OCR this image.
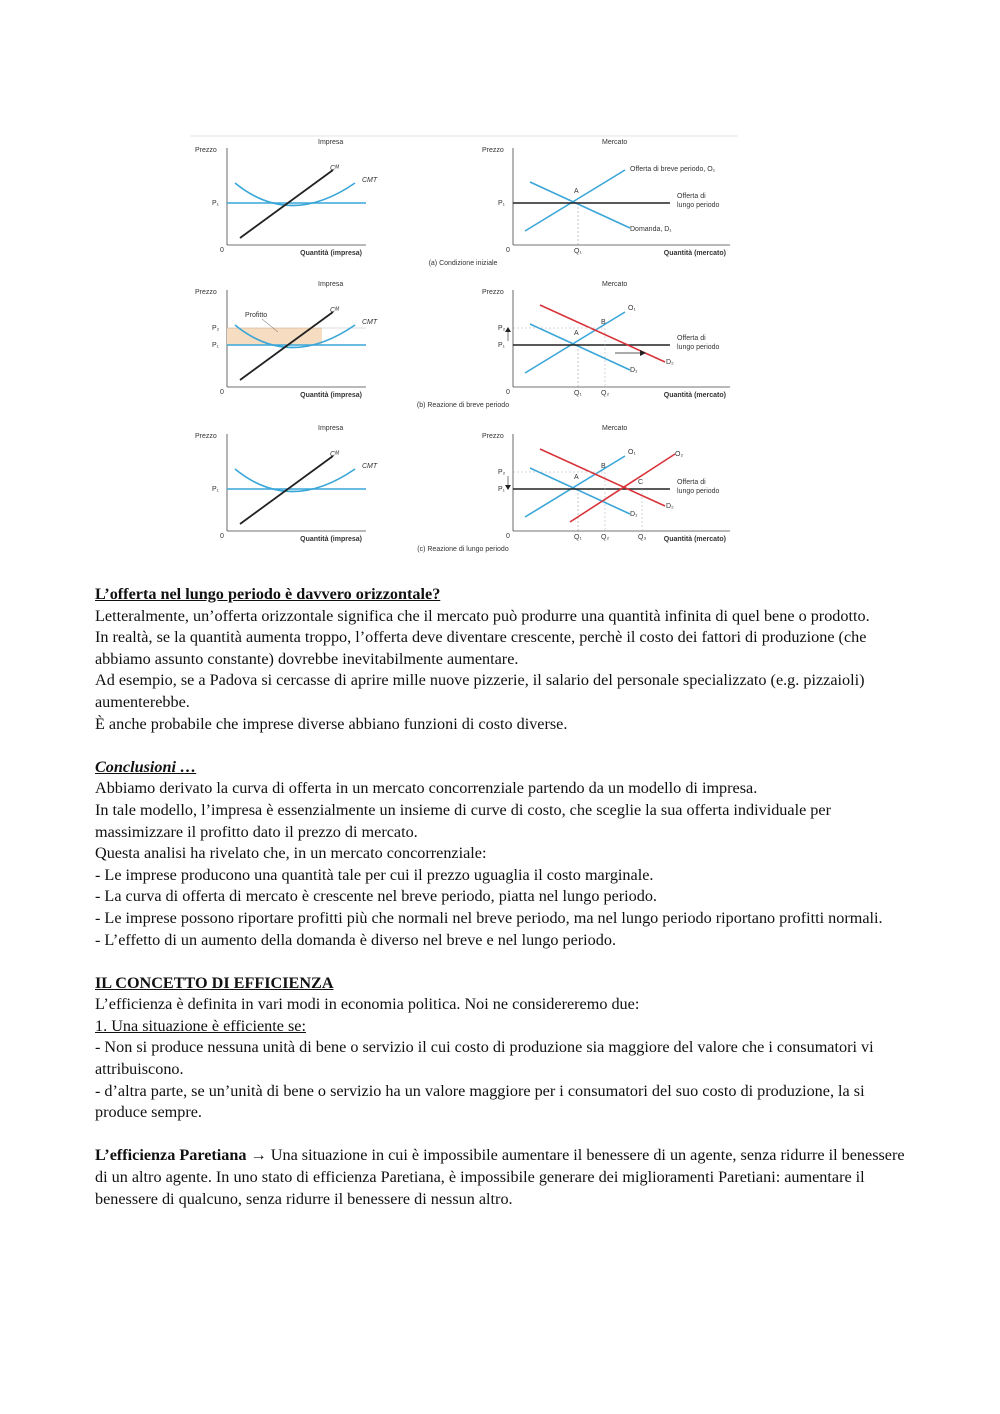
Impresa
Prezzo
0	Quantità (impresa)
P₁
Cᴹ
CMT
Mercato
Prezzo
0	Quantità (mercato)
A
Offerta di breve periodo, O₁
Offerta di
lungo periodo
Domanda, D₁
P₁
Q₁
(a) Condizione iniziale
Impresa
Prezzo
0	Quantità (impresa)
P₂
P₁
Profitto
Cᴹ
CMT
Mercato
Prezzo
0	Quantità (mercato)
Offerta di
lungo periodo
P₂
P₁
A
B
Q₁	Q₂
O₁
D₁
D₂
(b) Reazione di breve periodo
Impresa
Prezzo
0	Quantità (impresa)
P₁
Cᴹ
CMT
Mercato
Prezzo
0	Quantità (mercato)
Offerta di
lungo periodo
P₂
P₁
A
B
Q₁	Q₂
O₁
D₁
D₂
C
Q₃
O₂
(c) Reazione di lungo periodo

L’offerta nel lungo periodo è davvero orizzontale?

Letteralmente, un’offerta orizzontale significa che il mercato può produrre una quantità infinita di quel bene o prodotto.

In realtà, se la quantità aumenta troppo, l’offerta deve diventare crescente, perchè il costo dei fattori di produzione (che abbiamo assunto constante) dovrebbe inevitabilmente aumentare.

Ad esempio, se a Padova si cercasse di aprire mille nuove pizzerie, il salario del personale specializzato (e.g. pizzaioli) aumenterebbe.

È anche probabile che imprese diverse abbiano funzioni di costo diverse.

Conclusioni …

Abbiamo derivato la curva di offerta in un mercato concorrenziale partendo da un modello di impresa.

In tale modello, l’impresa è essenzialmente un insieme di curve di costo, che sceglie la sua offerta individuale per massimizzare il profitto dato il prezzo di mercato.

Questa analisi ha rivelato che, in un mercato concorrenziale:

- Le imprese producono una quantità tale per cui il prezzo uguaglia il costo marginale.

- La curva di offerta di mercato è crescente nel breve periodo, piatta nel lungo periodo.

- Le imprese possono riportare profitti più che normali nel breve periodo, ma nel lungo periodo riportano profitti normali.

- L’effetto di un aumento della domanda è diverso nel breve e nel lungo periodo.

IL CONCETTO DI EFFICIENZA

L’efficienza è definita in vari modi in economia politica. Noi ne considereremo due:

1. Una situazione è efficiente se:

- Non si produce nessuna unità di bene o servizio il cui costo di produzione sia maggiore del valore che i consumatori vi attribuiscono.

- d’altra parte, se un’unità di bene o servizio ha un valore maggiore per i consumatori del suo costo di produzione, la si produce sempre.

L’efficienza Paretiana → Una situazione in cui è impossibile aumentare il benessere di un agente, senza ridurre il benessere di un altro agente. In uno stato di efficienza Paretiana, è impossibile generare dei miglioramenti Paretiani: aumentare il benessere di qualcuno, senza ridurre il benessere di nessun altro.
